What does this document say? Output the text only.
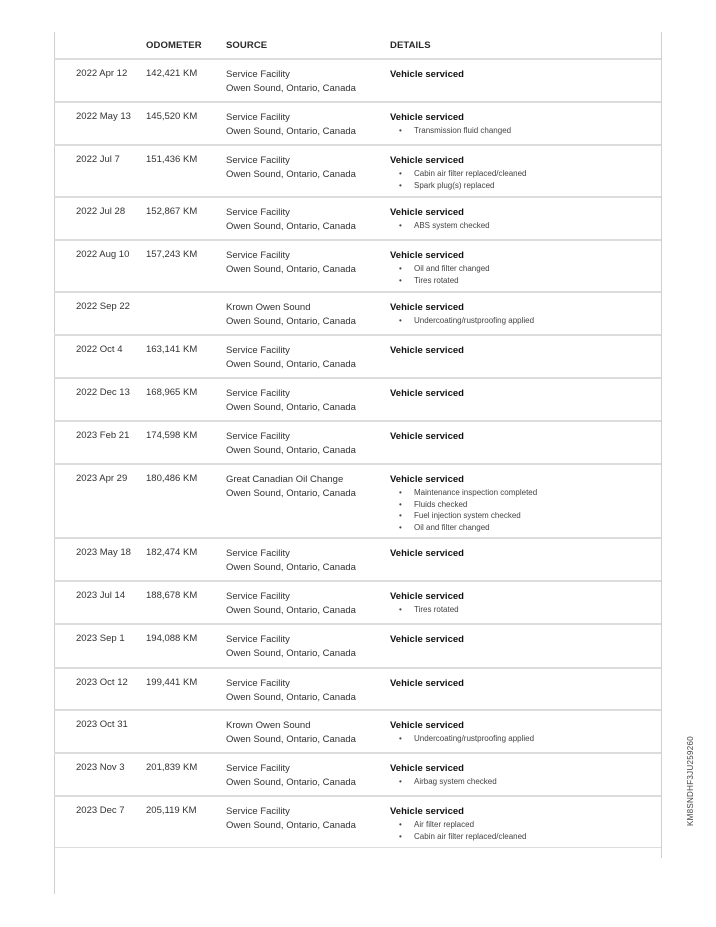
ODOMETER	SOURCE	DETAILS
2022 Apr 12 142,421 KM	Service Facility
Owen Sound, Ontario, Canada
Vehicle serviced
2022 May 13 145,520 KM	Service Facility
Owen Sound, Ontario, Canada
Vehicle serviced
• Transmission fluid changed
2022 Jul 7	151,436 KM	Service Facility
Owen Sound, Ontario, Canada
Vehicle serviced
• Cabin air filter replaced/cleaned
• Spark plug(s) replaced
2022 Jul 28 152,867 KM	Service Facility
Owen Sound, Ontario, Canada
Vehicle serviced
• ABS system checked
2022 Aug 10 157,243 KM	Service Facility
Owen Sound, Ontario, Canada
Vehicle serviced
• Oil and filter changed
• Tires rotated
2022 Sep 22	Krown Owen Sound
Owen Sound, Ontario, Canada
Vehicle serviced
• Undercoating/rustproofing applied
2022 Oct 4 163,141 KM	Service Facility
Owen Sound, Ontario, Canada
Vehicle serviced
2022 Dec 13 168,965 KM	Service Facility
Owen Sound, Ontario, Canada
Vehicle serviced
2023 Feb 21 174,598 KM	Service Facility
Owen Sound, Ontario, Canada
Vehicle serviced
2023 Apr 29 180,486 KM	Great Canadian Oil Change
Owen Sound, Ontario, Canada
Vehicle serviced
• Maintenance inspection completed
• Fluids checked
• Fuel injection system checked
• Oil and filter changed
2023 May 18 182,474 KM	Service Facility
Owen Sound, Ontario, Canada
Vehicle serviced
2023 Jul 14 188,678 KM	Service Facility
Owen Sound, Ontario, Canada
Vehicle serviced
• Tires rotated
2023 Sep 1 194,088 KM	Service Facility
Owen Sound, Ontario, Canada
Vehicle serviced
2023 Oct 12 199,441 KM	Service Facility
Owen Sound, Ontario, Canada
Vehicle serviced
2023 Oct 31	Krown Owen Sound
Owen Sound, Ontario, Canada
Vehicle serviced
• Undercoating/rustproofing applied
2023 Nov 3 201,839 KM	Service Facility
Owen Sound, Ontario, Canada
Vehicle serviced
• Airbag system checked
2023 Dec 7 205,119 KM	Service Facility
Owen Sound, Ontario, Canada
Vehicle serviced
• Air filter replaced
• Cabin air filter replaced/cleaned
KM8SNDHF3JU259260
